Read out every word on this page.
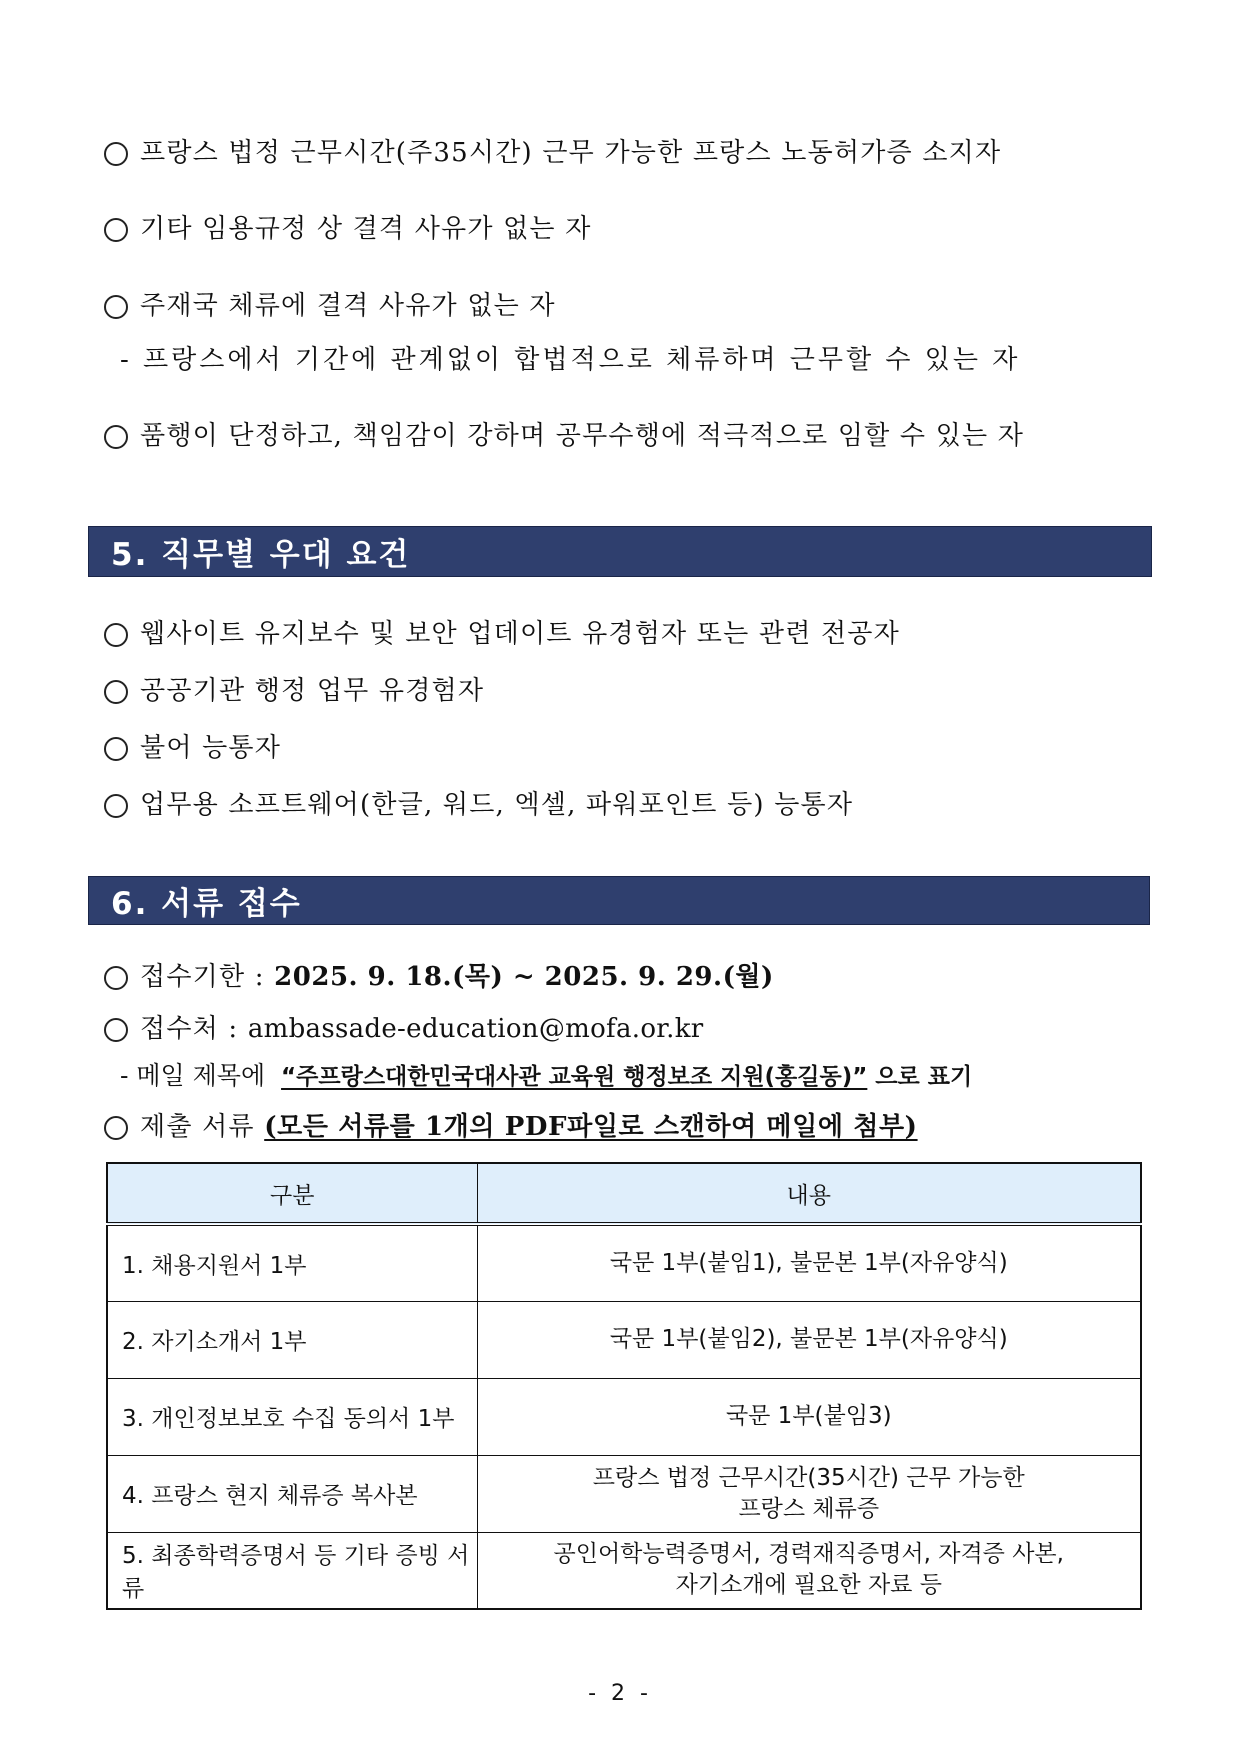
프랑스 법정 근무시간(주35시간) 근무 가능한 프랑스 노동허가증 소지자
기타 임용규정 상 결격 사유가 없는 자
주재국 체류에 결격 사유가 없는 자
- 프랑스에서 기간에 관계없이 합법적으로 체류하며 근무할 수 있는 자
품행이 단정하고, 책임감이 강하며 공무수행에 적극적으로 임할 수 있는 자
5. 직무별 우대 요건
웹사이트 유지보수 및 보안 업데이트 유경험자 또는 관련 전공자
공공기관 행정 업무 유경험자
불어 능통자
업무용 소프트웨어(한글, 워드, 엑셀, 파워포인트 등) 능통자
6. 서류 접수
접수기한 : 2025. 9. 18.(목) ~ 2025. 9. 29.(월)
접수처 : ambassade-education@mofa.or.kr
- 메일 제목에 “주프랑스대한민국대사관 교육원 행정보조 지원(홍길동)” 으로 표기
제출 서류 (모든 서류를 1개의 PDF파일로 스캔하여 메일에 첨부)
구분	내용
1. 채용지원서 1부	국문 1부(붙임1), 불문본 1부(자유양식)
2. 자기소개서 1부	국문 1부(붙임2), 불문본 1부(자유양식)
3. 개인정보보호 수집 동의서 1부	국문 1부(붙임3)
4. 프랑스 현지 체류증 복사본	프랑스 법정 근무시간(35시간) 근무 가능한
프랑스 체류증

5. 최종학력증명서 등 기타 증빙 서류	공인어학능력증명서, 경력재직증명서, 자격증 사본,
자기소개에 필요한 자료 등
- 2 -
